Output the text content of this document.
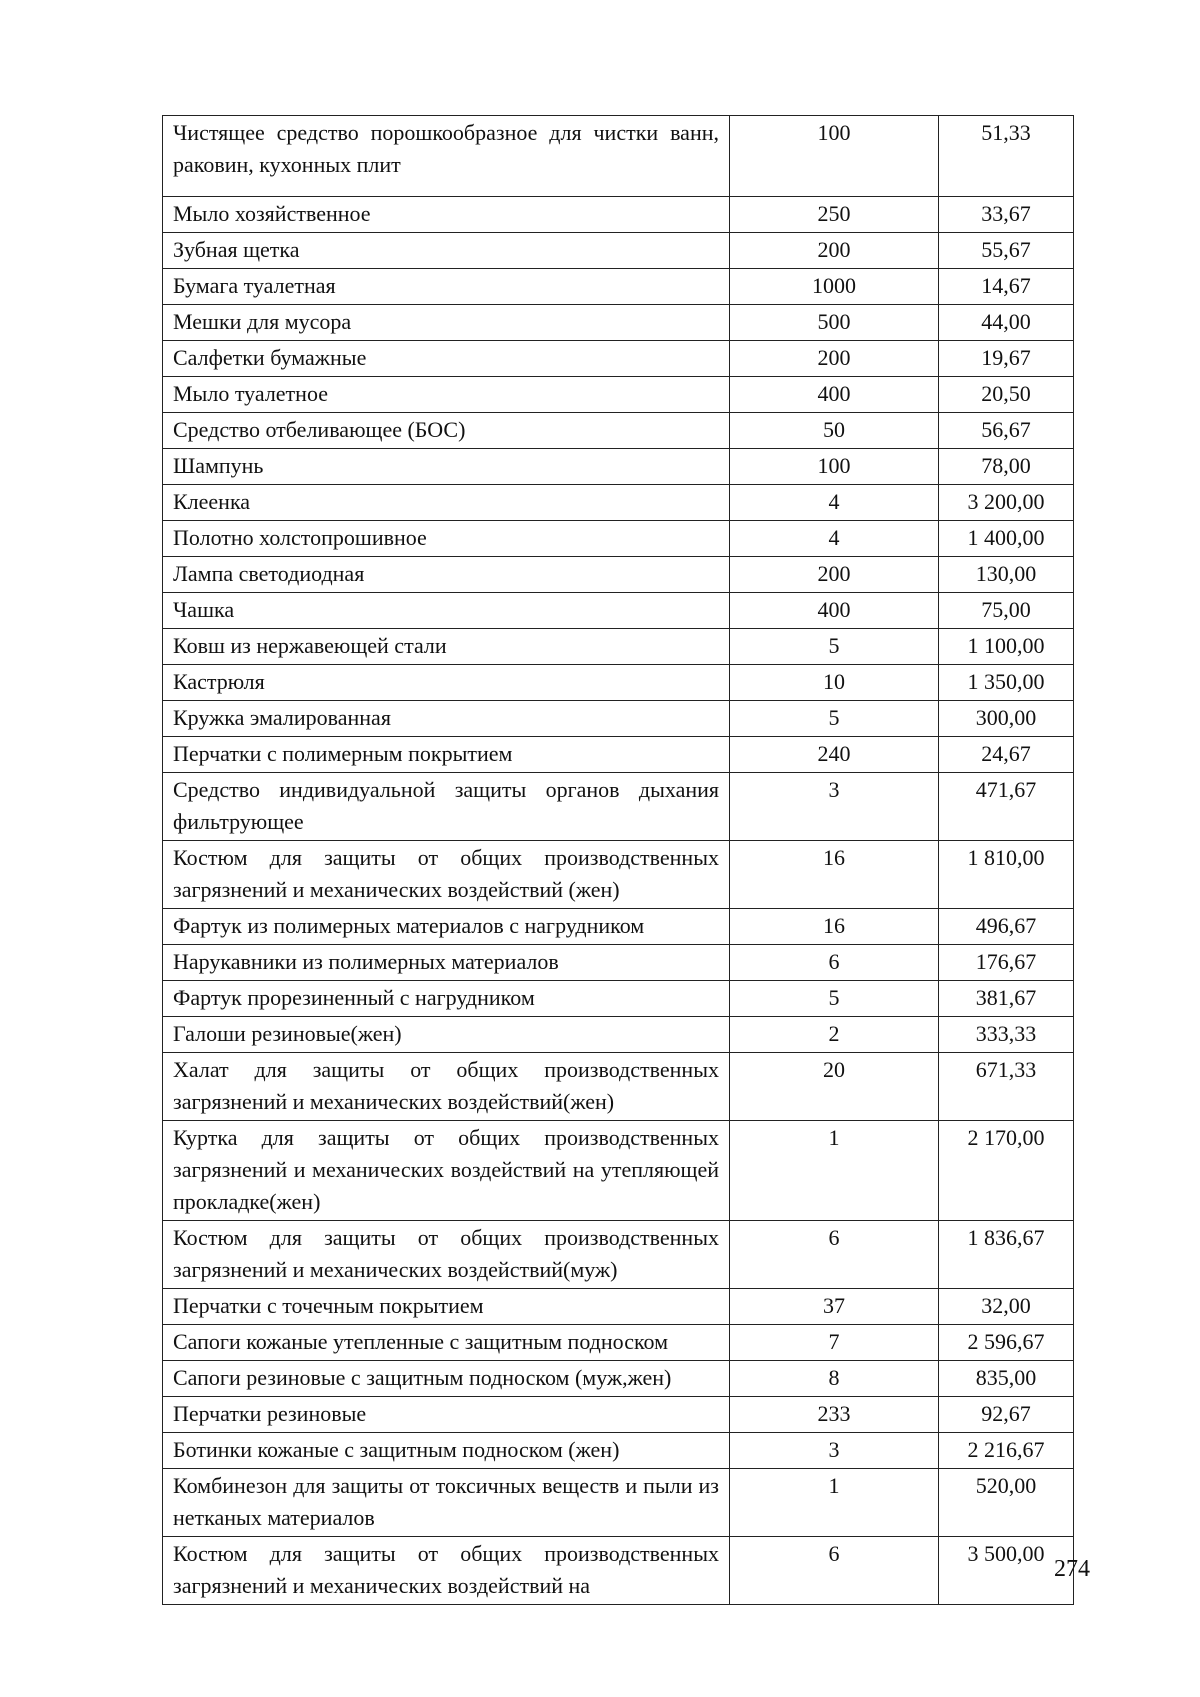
Чистящее средство порошкообразное для чистки ванн, раковин, кухонных плит	100	51,33
Мыло хозяйственное	250	33,67
Зубная щетка	200	55,67
Бумага туалетная	1000	14,67
Мешки для мусора	500	44,00
Салфетки бумажные	200	19,67
Мыло туалетное	400	20,50
Средство отбеливающее (БОС)	50	56,67
Шампунь	100	78,00
Клеенка	4	3 200,00
Полотно холстопрошивное	4	1 400,00
Лампа светодиодная	200	130,00
Чашка	400	75,00
Ковш из нержавеющей стали	5	1 100,00
Кастрюля	10	1 350,00
Кружка эмалированная	5	300,00
Перчатки с полимерным покрытием	240	24,67
Средство индивидуальной защиты органов дыхания фильтрующее	3	471,67
Костюм для защиты от общих производственных загрязнений и механических воздействий (жен)	16	1 810,00
Фартук из полимерных материалов с нагрудником	16	496,67
Нарукавники из полимерных материалов	6	176,67
Фартук прорезиненный с нагрудником	5	381,67
Галоши резиновые(жен)	2	333,33
Халат для защиты от общих производственных загрязнений и механических воздействий(жен)	20	671,33
Куртка для защиты от общих производственных загрязнений и механических воздействий на утепляющей прокладке(жен)	1	2 170,00
Костюм для защиты от общих производственных загрязнений и механических воздействий(муж)	6	1 836,67
Перчатки с точечным покрытием	37	32,00
Сапоги кожаные утепленные с защитным подноском	7	2 596,67
Сапоги резиновые с защитным подноском (муж,жен)	8	835,00
Перчатки резиновые	233	92,67
Ботинки кожаные с защитным подноском (жен)	3	2 216,67
Комбинезон для защиты от токсичных веществ и пыли из нетканых материалов	1	520,00
Костюм для защиты от общих производственных загрязнений и механических воздействий на	6	3 500,00
274
